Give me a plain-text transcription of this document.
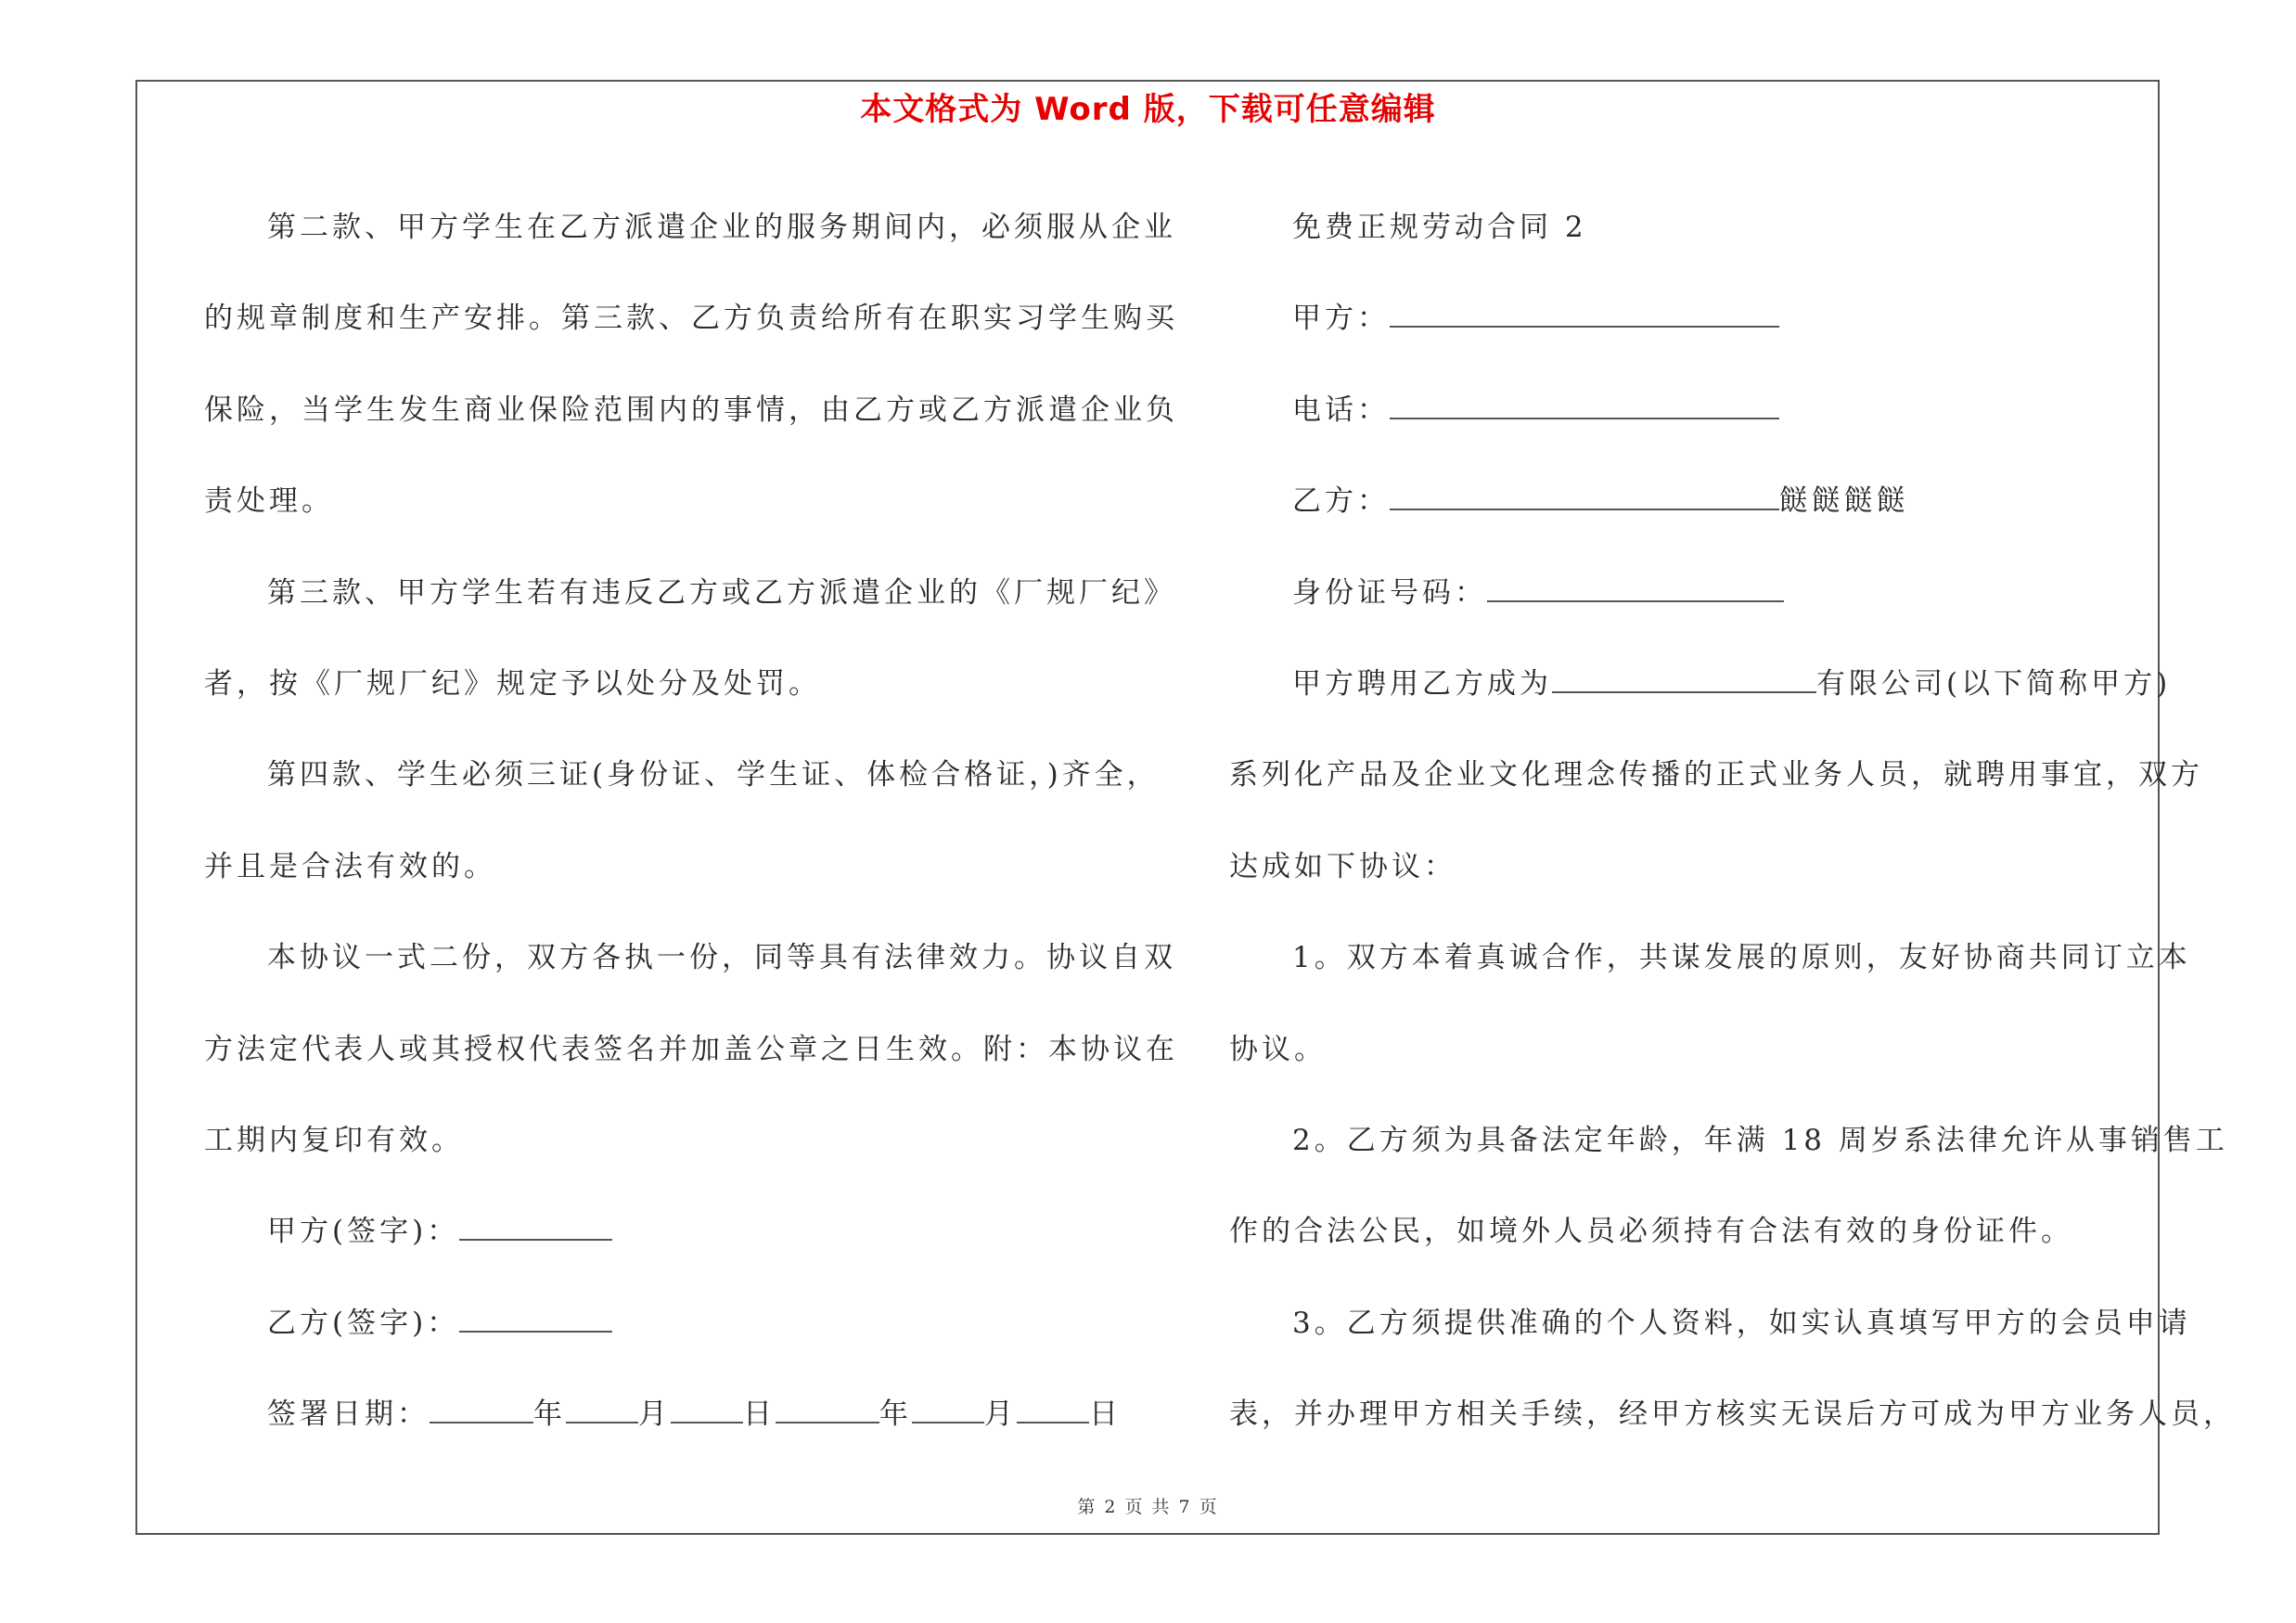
本文格式为 Word 版，下载可任意编辑

第二款、甲方学生在乙方派遣企业的服务期间内，必须服从企业

的规章制度和生产安排。第三款、乙方负责给所有在职实习学生购买

保险，当学生发生商业保险范围内的事情，由乙方或乙方派遣企业负

责处理。

第三款、甲方学生若有违反乙方或乙方派遣企业的《厂规厂纪》

者，按《厂规厂纪》规定予以处分及处罚。

第四款、学生必须三证(身份证、学生证、体检合格证，)齐全，

并且是合法有效的。

本协议一式二份，双方各执一份，同等具有法律效力。协议自双

方法定代表人或其授权代表签名并加盖公章之日生效。附：本协议在

工期内复印有效。

甲方(签字)：

乙方(签字)：

签署日期：	年	月	日	年	月	日

免费正规劳动合同 2

甲方：

电话：

乙方：	餸餸餸餸

身份证号码：

甲方聘用乙方成为	有限公司(以下简称甲方)

系列化产品及企业文化理念传播的正式业务人员，就聘用事宜，双方

达成如下协议：

1。双方本着真诚合作，共谋发展的原则，友好协商共同订立本

协议。

2。乙方须为具备法定年龄，年满 18 周岁系法律允许从事销售工

作的合法公民，如境外人员必须持有合法有效的身份证件。

3。乙方须提供准确的个人资料，如实认真填写甲方的会员申请

表，并办理甲方相关手续，经甲方核实无误后方可成为甲方业务人员，

第 2 页 共 7 页
